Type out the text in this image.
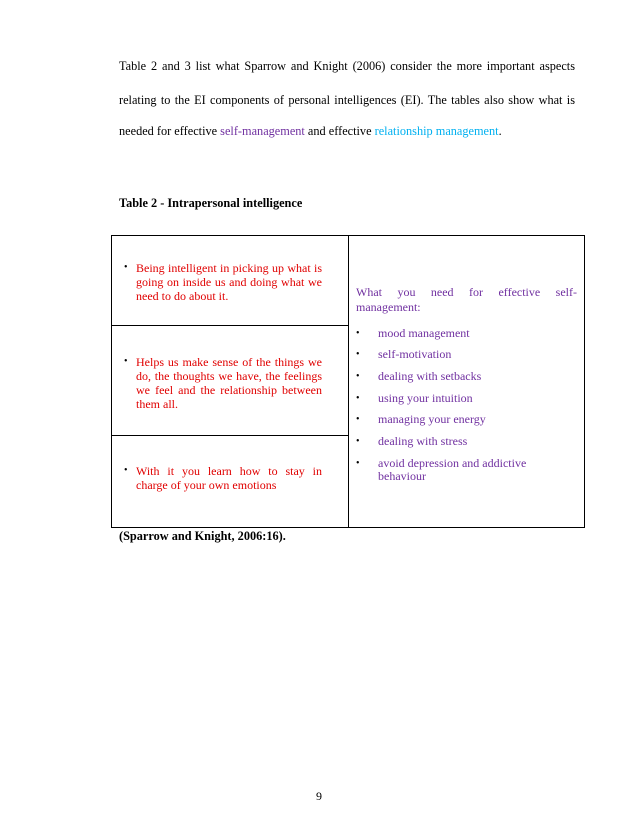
Table 2 and 3 list what Sparrow and Knight (2006) consider the more important aspects
relating to the EI components of personal intelligences (EI). The tables also show what is
needed for effective self-management and effective relationship management.
Table 2 - Intrapersonal intelligence
• Being intelligent in picking up what is going on inside us and doing what we need to do about it.
• Helps us make sense of the things we do, the thoughts we have, the feelings we feel and the relationship between them all.
• With it you learn how to stay in charge of your own emotions
What you need for effective self-
management:
• mood management
• self-motivation
• dealing with setbacks
• using your intuition
• managing your energy
• dealing with stress
• avoid depression and addictive behaviour
(Sparrow and Knight, 2006:16).
9
